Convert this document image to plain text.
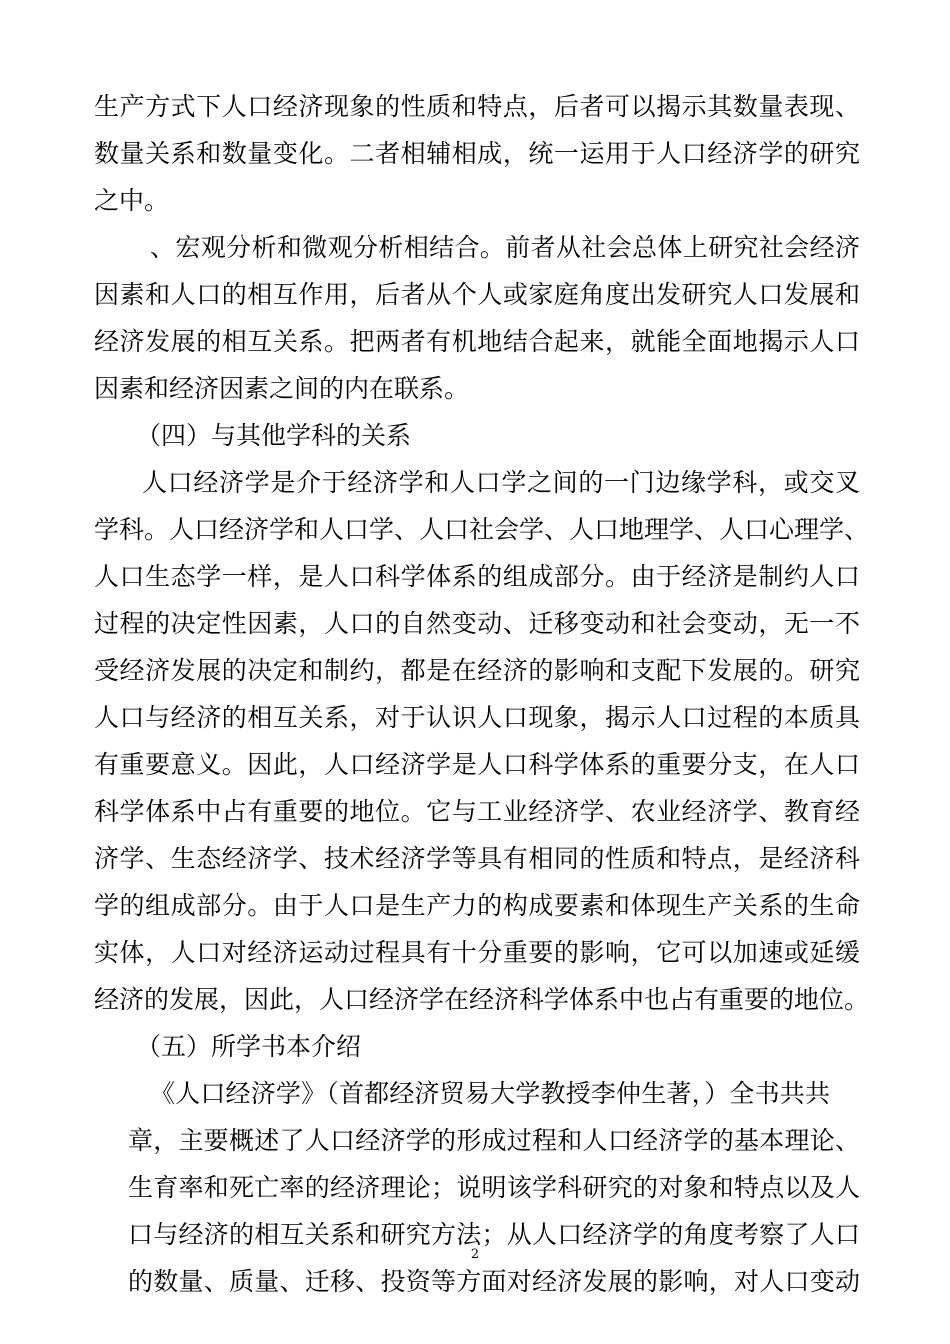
生产方式下人口经济现象的性质和特点，后者可以揭示其数量表现、
数量关系和数量变化。二者相辅相成，统一运用于人口经济学的研究
之中。
、宏观分析和微观分析相结合。前者从社会总体上研究社会经济
因素和人口的相互作用，后者从个人或家庭角度出发研究人口发展和
经济发展的相互关系。把两者有机地结合起来，就能全面地揭示人口
因素和经济因素之间的内在联系。
（四）与其他学科的关系
人口经济学是介于经济学和人口学之间的一门边缘学科，或交叉
学科。人口经济学和人口学、人口社会学、人口地理学、人口心理学、
人口生态学一样，是人口科学体系的组成部分。由于经济是制约人口
过程的决定性因素，人口的自然变动、迁移变动和社会变动，无一不
受经济发展的决定和制约，都是在经济的影响和支配下发展的。研究
人口与经济的相互关系，对于认识人口现象，揭示人口过程的本质具
有重要意义。因此，人口经济学是人口科学体系的重要分支，在人口
科学体系中占有重要的地位。它与工业经济学、农业经济学、教育经
济学、生态经济学、技术经济学等具有相同的性质和特点，是经济科
学的组成部分。由于人口是生产力的构成要素和体现生产关系的生命
实体，人口对经济运动过程具有十分重要的影响，它可以加速或延缓
经济的发展，因此，人口经济学在经济科学体系中也占有重要的地位。
（五）所学书本介绍
《人口经济学》（首都经济贸易大学教授李仲生著，）全书共共
章，主要概述了人口经济学的形成过程和人口经济学的基本理论、
生育率和死亡率的经济理论；说明该学科研究的对象和特点以及人
口与经济的相互关系和研究方法；从人口经济学的角度考察了人口
的数量、质量、迁移、投资等方面对经济发展的影响，对人口变动
2
